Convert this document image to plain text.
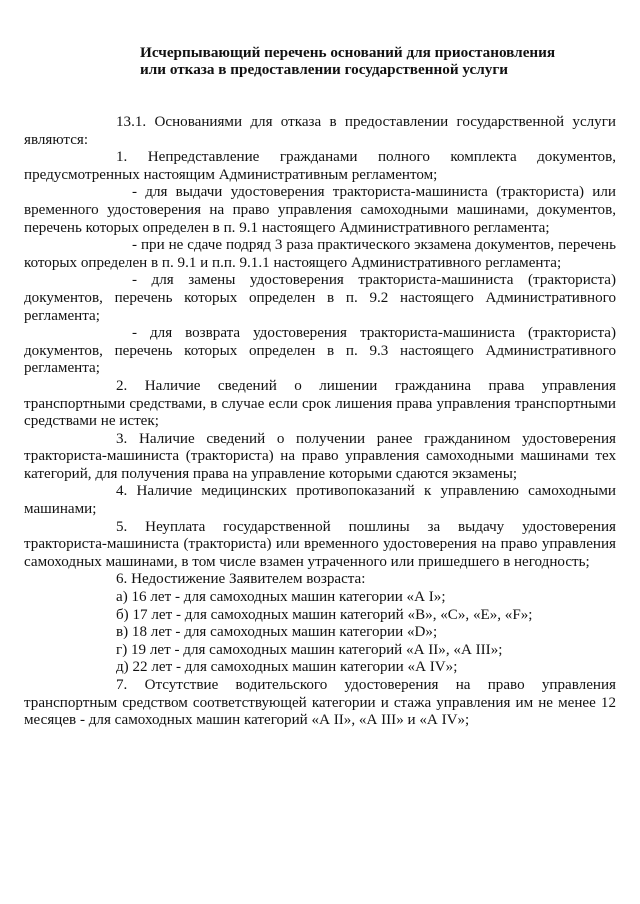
Исчерпывающий перечень оснований для приостановления
или отказа в предоставлении государственной услуги

13.1. Основаниями для отказа в предоставлении государственной услуги являются:

1. Непредставление гражданами полного комплекта документов, предусмотренных настоящим Административным регламентом;

- для выдачи удостоверения тракториста-машиниста (тракториста) или временного удостоверения на право управления самоходными машинами, документов, перечень которых определен в п. 9.1 настоящего Административного регламента;

- при не сдаче подряд 3 раза практического экзамена документов, перечень которых определен в п. 9.1 и п.п. 9.1.1 настоящего Административного регламента;

- для замены удостоверения тракториста-машиниста (тракториста) документов, перечень которых определен в п. 9.2 настоящего Административного регламента;

- для возврата удостоверения тракториста-машиниста (тракториста) документов, перечень которых определен в п. 9.3 настоящего Административного регламента;

2. Наличие сведений о лишении гражданина права управления транспортными средствами, в случае если срок лишения права управления транспортными средствами не истек;

3. Наличие сведений о получении ранее гражданином удостоверения тракториста-машиниста (тракториста) на право управления самоходными машинами тех категорий, для получения права на управление которыми сдаются экзамены;

4. Наличие медицинских противопоказаний к управлению самоходными машинами;

5. Неуплата государственной пошлины за выдачу удостоверения тракториста-машиниста (тракториста) или временного удостоверения на право управления самоходных машинами, в том числе взамен утраченного или пришедшего в негодность;

6. Недостижение Заявителем возраста:

а) 16 лет - для самоходных машин категории «А I»;

б) 17 лет - для самоходных машин категорий «В», «С», «Е», «F»;

в) 18 лет - для самоходных машин категории «D»;

г) 19 лет - для самоходных машин категорий «А II», «А III»;

д) 22 лет - для самоходных машин категории «А IV»;

7. Отсутствие водительского удостоверения на право управления транспортным средством соответствующей категории и стажа управления им не менее 12 месяцев - для самоходных машин категорий «А II», «А III» и «А IV»;
